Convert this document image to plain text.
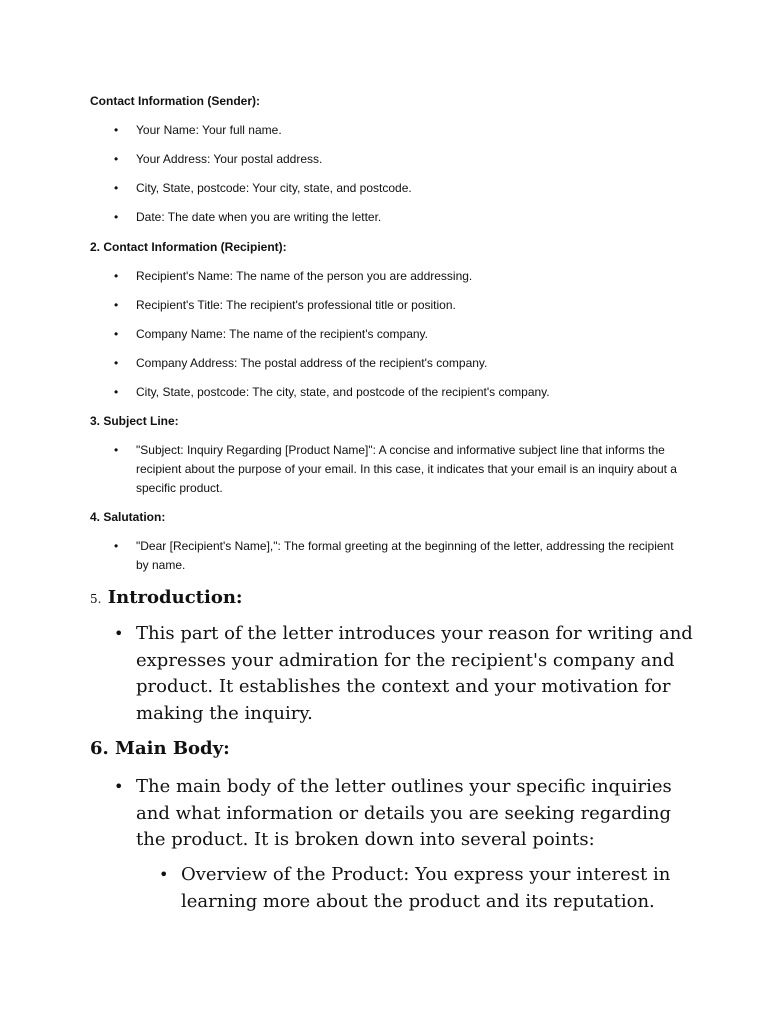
Contact Information (Sender):
• Your Name: Your full name.
• Your Address: Your postal address.
• City, State, postcode: Your city, state, and postcode.
• Date: The date when you are writing the letter.
2. Contact Information (Recipient):
• Recipient's Name: The name of the person you are addressing.
• Recipient's Title: The recipient's professional title or position.
• Company Name: The name of the recipient's company.
• Company Address: The postal address of the recipient's company.
• City, State, postcode: The city, state, and postcode of the recipient's company.
3. Subject Line:
• "Subject: Inquiry Regarding [Product Name]": A concise and informative subject line that informs the recipient about the purpose of your email. In this case, it indicates that your email is an inquiry about a specific product.
4. Salutation:
• "Dear [Recipient's Name],": The formal greeting at the beginning of the letter, addressing the recipient by name.
5. Introduction:
• This part of the letter introduces your reason for writing and expresses your admiration for the recipient's company and product. It establishes the context and your motivation for making the inquiry.
6. Main Body:
• The main body of the letter outlines your specific inquiries and what information or details you are seeking regarding the product. It is broken down into several points:
• Overview of the Product: You express your interest in learning more about the product and its reputation.
